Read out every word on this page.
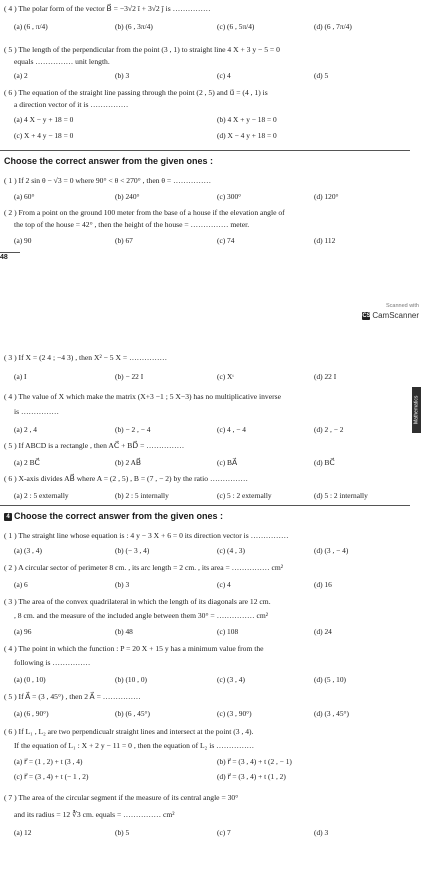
( 4 ) The polar form of the vector B⃗ = −3√2 î + 3√2 ĵ is ……………
(a) (6 , π/4)	(b) (6 , 3π/4)	(c) (6 , 5π/4)	(d) (6 , 7π/4)
( 5 ) The length of the perpendicular from the point (3 , 1) to straight line 4 X + 3 y − 5 = 0
equals …………… unit length.
(a) 2	(b) 3	(c) 4	(d) 5
( 6 ) The equation of the straight line passing through the point (2 , 5) and u⃗ = (4 , 1) is
a direction vector of it is ……………
(a) 4 X − y + 18 = 0	(b) 4 X + y − 18 = 0
(c) X + 4 y − 18 = 0	(d) X − 4 y + 18 = 0
Choose the correct answer from the given ones :
( 1 ) If 2 sin θ − √3 = 0 where 90° < θ < 270° , then θ = ……………
(a) 60°	(b) 240°	(c) 300°	(d) 120°
( 2 ) From a point on the ground 100 meter from the base of a house if the elevation angle of
the top of the house = 42° , then the height of the house = …………… meter.
(a) 90	(b) 67	(c) 74	(d) 112
48
Scanned with
CS CamScanner
( 3 ) If X = (2 4 ; −4 3) , then X² − 5 X = ……………
(a) I	(b) − 22 I	(c) Xᵗ	(d) 22 I
Mathematics
( 4 ) The value of X which make the matrix (X+3 −1 ; 5 X−3) has no multiplicative inverse
is ……………
(a) 2 , 4	(b) − 2 , − 4	(c) 4 , − 4	(d) 2 , − 2
( 5 ) If ABCD is a rectangle , then AC⃗ + BD⃗ = ……………
(a) 2 BC⃗	(b) 2 AB⃗	(c) BA⃗	(d) BC⃗
( 6 ) X-axis divides AB⃗ where A = (2 , 5) , B = (7 , − 2) by the ratio ……………
(a) 2 : 5 externally	(b) 2 : 5 internally	(c) 5 : 2 externally	(d) 5 : 2 internally
4 Choose the correct answer from the given ones :
( 1 ) The straight line whose equation is : 4 y − 3 X + 6 = 0 its direction vector is ……………
(a) (3 , 4)	(b) (− 3 , 4)	(c) (4 , 3)	(d) (3 , − 4)
( 2 ) A circular sector of perimeter 8 cm. , its arc length = 2 cm. , its area = …………… cm²
(a) 6	(b) 3	(c) 4	(d) 16
( 3 ) The area of the convex quadrilateral in which the length of its diagonals are 12 cm.
, 8 cm. and the measure of the included angle between them 30° = …………… cm²
(a) 96	(b) 48	(c) 108	(d) 24
( 4 ) The point in which the function : P = 20 X + 15 y has a minimum value from the
following is ……………
(a) (0 , 10)	(b) (10 , 0)	(c) (3 , 4)	(d) (5 , 10)
( 5 ) If A⃗ = (3 , 45°) , then 2 A⃗ = ……………
(a) (6 , 90°)	(b) (6 , 45°)	(c) (3 , 90°)	(d) (3 , 45°)
( 6 ) If L₁ , L₂ are two perpendicualr straight lines and intersect at the point (3 , 4).
If the equation of L₁ : X + 2 y − 11 = 0 , then the equation of L₂ is ……………
(a) r⃗ = (1 , 2) + t (3 , 4)	(b) r⃗ = (3 , 4) + t (2 , − 1)
(c) r⃗ = (3 , 4) + t (− 1 , 2)	(d) r⃗ = (3 , 4) + t (1 , 2)
( 7 ) The area of the circular segment if the measure of its central angle = 30°
and its radius = 12 ∛3 cm. equals = …………… cm²
(a) 12	(b) 5	(c) 7	(d) 3
